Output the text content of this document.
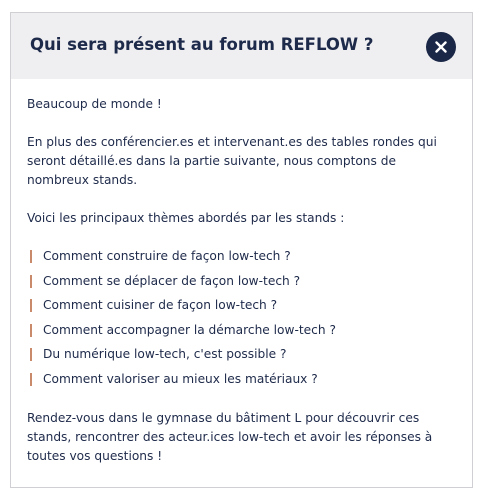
Qui sera présent au forum REFLOW ?

Beaucoup de monde !

En plus des conférencier.es et intervenant.es des tables rondes qui seront détaillé.es dans la partie suivante, nous comptons de nombreux stands.

Voici les principaux thèmes abordés par les stands :

Comment construire de façon low-tech ?
Comment se déplacer de façon low-tech ?
Comment cuisiner de façon low-tech ?
Comment accompagner la démarche low-tech ?
Du numérique low-tech, c'est possible ?
Comment valoriser au mieux les matériaux ?

Rendez-vous dans le gymnase du bâtiment L pour découvrir ces stands, rencontrer des acteur.ices low-tech et avoir les réponses à toutes vos questions !
